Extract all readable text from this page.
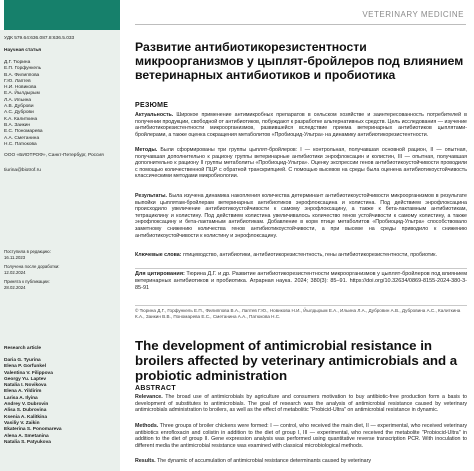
VETERINARY MEDICINE
УДК 579.64:636.087.8:636.5.033
Научная статья
Д.Г. Тюрина
Е.П. Горфункель
В.А. Филиппова
Г.Ю. Лаптев
Н.И. Новикова
Е.А. Йылдырым
Л.А. Ильина
А.В. Дуброви
А.С. Дуброви
К.А. Калиткина
В.А. Заикин
Е.С. Пономарева
А.А. Сметанина
Н.С. Патюкова
ООО «БИОТРОФ», Санкт-Петербург, Россия
tiurina@biotrof.ru
Поступила в редакцию:
16.11.2023
Получена после доработки:
12.02.2024
Принята к публикации:
28.02.2024
Research article
Daria G. Tyurina
Elena P. Gorfunkel
Valentina V. Filippova
Georgy Yu. Laptev
Natalia I. Novikova
Elena A. Yildirim
Larisa A. Ilyina
Andrey V. Dubrovin
Alisa S. Dubrovina
Ksenia A. Kalitkina
Vasiliy V. Zaikin
Ekaterina S. Ponomareva
Alena A. Smetanina
Natalia S. Patyukova
Развитие антибиотикорезистентности микроорганизмов у цыплят-бройлеров под влиянием ветеринарных антибиотиков и пробиотика
РЕЗЮМЕ
Актуальность. Широкое применение антимикробных препаратов в сельском хозяйстве и заинтересованность потребителей в получении продукции, свободной от антибиотиков, побуждают к разработке альтернативных средств. Цель исследования — изучение антибиотикорезистентности микроорганизмов, развившейся вследствие приема ветеринарных антибиотиков цыплятами-бройлерами, а также оценка сокращения метаболитов «Пробиоцид-Ультра» на динамику антибиотикорезистентности.
Методы. Были сформированы три группы цыплят-бройлеров: I — контрольная, получавшая основной рацион, II — опытная, получавшая дополнительно к рациону группы ветеринарные антибиотики энрофлоксацин и колистин, III — опытная, получавшая дополнительно к рациону II группы метаболиты «Пробиоцид-Ультра». Оценку экспрессии генов антибиотикоустойчивости проводили с помощью количественной ПЦР с обратной транскрипцией. С помощью высевов на среды была оценена антибиотикоустойчивость классическими методами микробиологии.
Результаты. Была изучена динамика накопления количества детерминант антибиотикоустойчивости микроорганизмов в результате выпойки цыплятам-бройлерам ветеринарных антибиотиков энрофлоксацина и колистина. Под действием энрофлоксацина происходило увеличение антибиотикоустойчивости к самому энрофлоксацину, а также к бета-лактамным антибиотикам, тетрациклину и колистину. Под действием колистина увеличивалось количество генов устойчивости к самому колистину, а также энрофлоксацину и бета-лактамным антибиотикам. Добавление в корм птице метаболитов «Пробиоцид-Ультра» способствовало заметному снижению количества генов антибиотикоустойчивости, а при высеве на среды приводило к снижению антибиотикоустойчивости к колистину и энрофлоксацину.
Ключевые слова: птицеводство, антибиотики, антибиотикорезистентность, гены антибиотикорезистентности, пробиотик.
Для цитирования: Тюрина Д.Г. и др. Развитие антибиотикорезистентности микроорганизмов у цыплят-бройлеров под влиянием ветеринарных антибиотиков и пробиотика. Аграрная наука. 2024; 380(3): 85–91. https://doi.org/10.32634/0869-8155-2024-380-3-85-91
© Тюрина Д.Г., Горфункель Е.П., Филиппова В.А., Лаптев Г.Ю., Новикова Н.И., Йылдырым Е.А., Ильина Л.А., Дубровин А.В., Дубровина А.С., Калиткина К.А., Заикин В.В., Пономарева Е.С., Сметанина А.А., Патюкова Н.С.
The development of antimicrobial resistance in broilers affected by veterinary antimicrobials and a probiotic administration
ABSTRACT
Relevance. The broad use of antimicrobials by agriculture and consumers motivation to buy antibiotic-free production form a basis to development of substitutes to antimicrobials. The goal of research was the analysis of antimicrobial resistance caused by veterinary antimicrobials administration to broilers, as well as the effect of metabolitic "Probicid-Ultra" on antimicrobial resistance in dynamic.
Methods. Three groups of broiler chickens were formed: I — control, who received the main diet, II — experimental, who received veterinary antibiotics enrofloxacin and colistin in addition to the diet of group I, III — experimental, who received the metabolite "Probiocid-Ultra" in addition to the diet of group II. Gene expression analysis was performed using quantitative reverse transcription PCR. With inoculation to different media the antimicrobial resistance was examined with classical microbiological methods.
Results. The dynamic of accumulation of antimicrobial resistance determinants caused by veterinary
